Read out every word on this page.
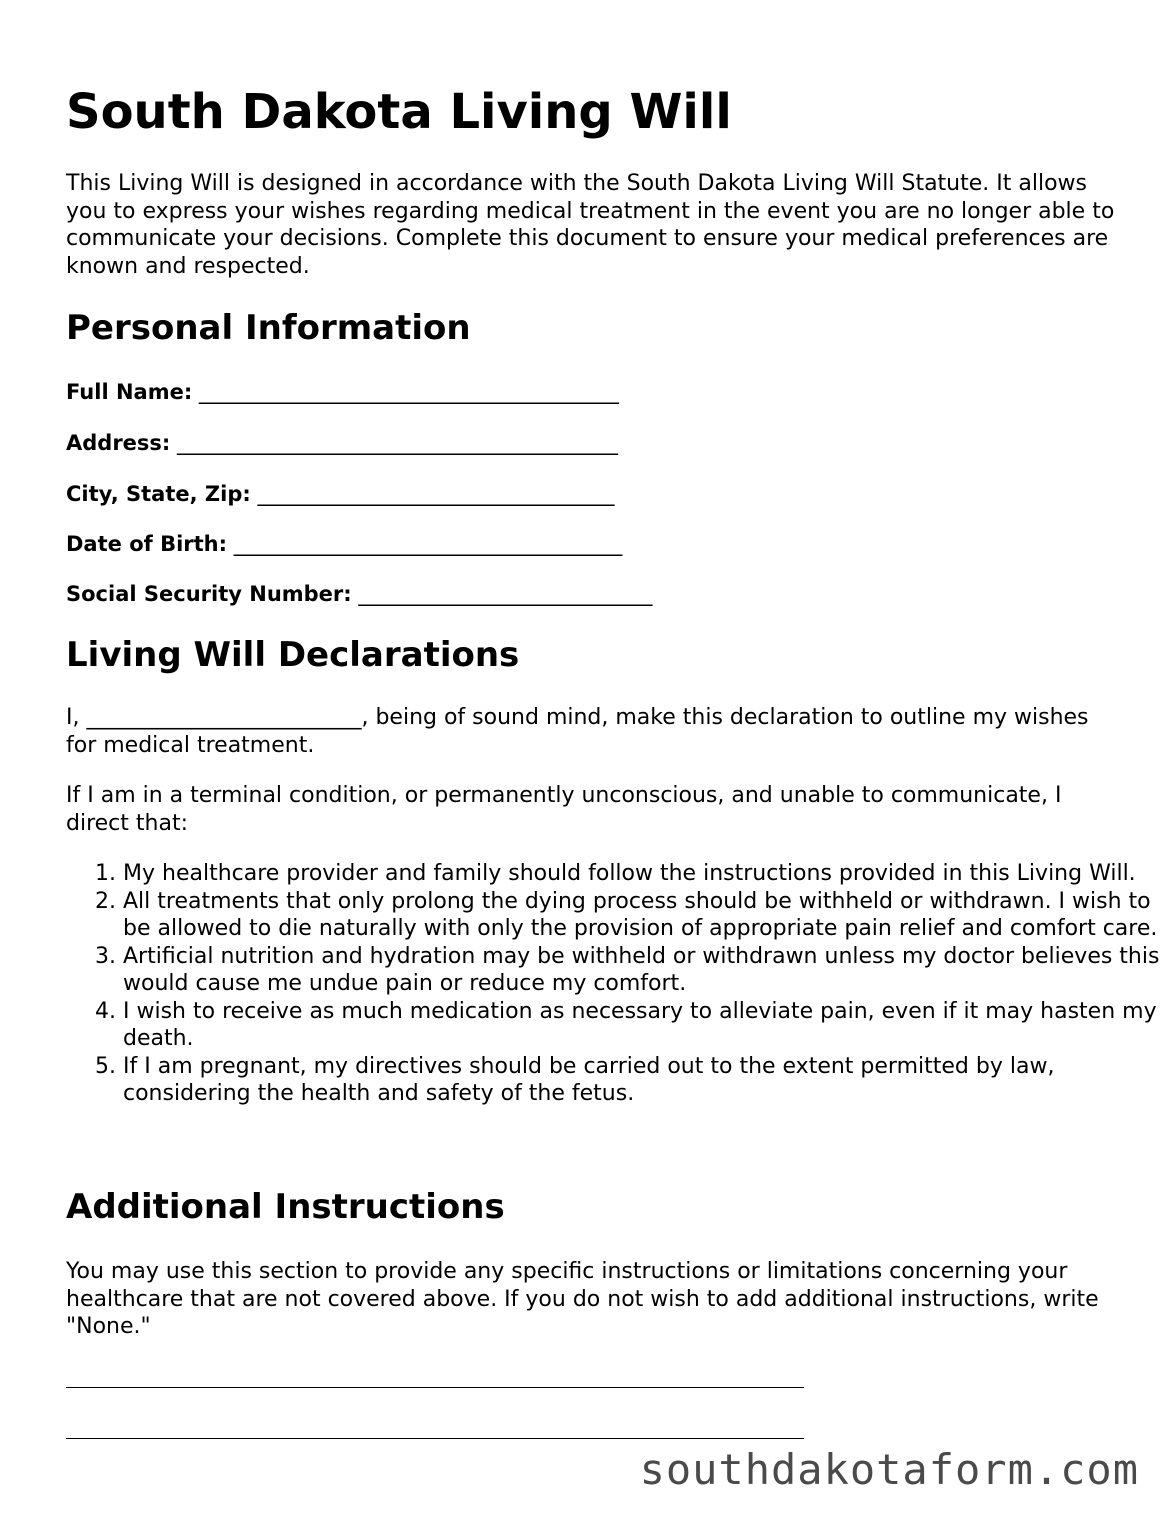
South Dakota Living Will

This Living Will is designed in accordance with the South Dakota Living Will Statute. It allows you to express your wishes regarding medical treatment in the event you are no longer able to communicate your decisions. Complete this document to ensure your medical preferences are known and respected.

Personal Information
Full Name: ________________________________________
Address: __________________________________________
City, State, Zip: __________________________________
Date of Birth: _____________________________________
Social Security Number: ____________________________
Living Will Declarations

I, _________________________, being of sound mind, make this declaration to outline my wishes for medical treatment.

If I am in a terminal condition, or permanently unconscious, and unable to communicate, I direct that:

1. My healthcare provider and family should follow the instructions provided in this Living Will.
2. All treatments that only prolong the dying process should be withheld or withdrawn. I wish to be allowed to die naturally with only the provision of appropriate pain relief and comfort care.
3. Artificial nutrition and hydration may be withheld or withdrawn unless my doctor believes this would cause me undue pain or reduce my comfort.
4. I wish to receive as much medication as necessary to alleviate pain, even if it may hasten my death.
5. If I am pregnant, my directives should be carried out to the extent permitted by law, considering the health and safety of the fetus.
Additional Instructions

You may use this section to provide any specific instructions or limitations concerning your healthcare that are not covered above. If you do not wish to add additional instructions, write "None."

southdakotaform.com
